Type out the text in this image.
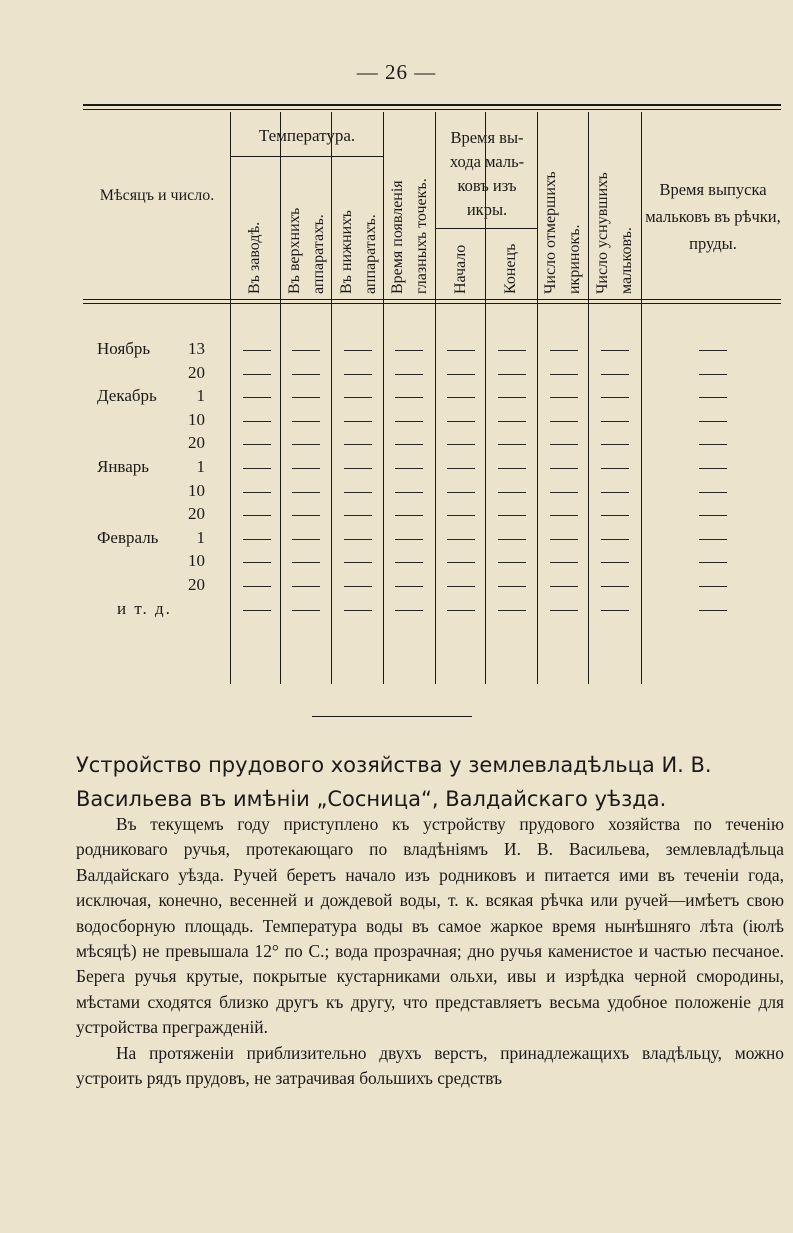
— 26 —
Мѣсяцъ и число.
Температура.	Время вы-ходa маль-ковъ изъ икры.
Время выпуска мальковъ въ рѣчки, пруды.
Въ заводѣ. Въ верхнихъ
аппаратахъ. Въ нижнихъ
аппаратахъ. Время появленія
глазныхъ точекъ.
Начало Конецъ Число отмершихъ
икринокъ. Число уснувшихъ
мальковъ.
Ноябрь 13
20
Декабрь 1
10
20
Январь	1
10
20
Февраль 1
10
20
и т. д.
Устройство прудового хозяйства у землевладѣльца И. В. Васильева въ имѣніи „Сосница“, Валдайскаго уѣзда.

Въ текущемъ году приступлено къ устройству прудового хозяйства по теченію родниковаго ручья, протекающаго по владѣніямъ И. В. Васильева, землевладѣльца Валдайскаго уѣзда. Ручей беретъ начало изъ родниковъ и питается ими въ теченіи года, исключая, конечно, весенней и дождевой воды, т. к. всякая рѣчка или ручей—имѣетъ свою водосборную площадь. Температура воды въ самое жаркое время нынѣшняго лѣта (іюлѣ мѣсяцѣ) не превышала 12° по С.; вода прозрачная; дно ручья каменистое и частью песчаное. Берега ручья крутые, покрытые кустарниками ольхи, ивы и изрѣдка черной смородины, мѣстами сходятся близко другъ къ другу, что представляетъ весьма удобное положеніе для устройства преграждeній.

На протяженіи приблизительно двухъ верстъ, принадлежащихъ владѣльцу, можно устроить рядъ прудовъ, не затрачивая большихъ средствъ
